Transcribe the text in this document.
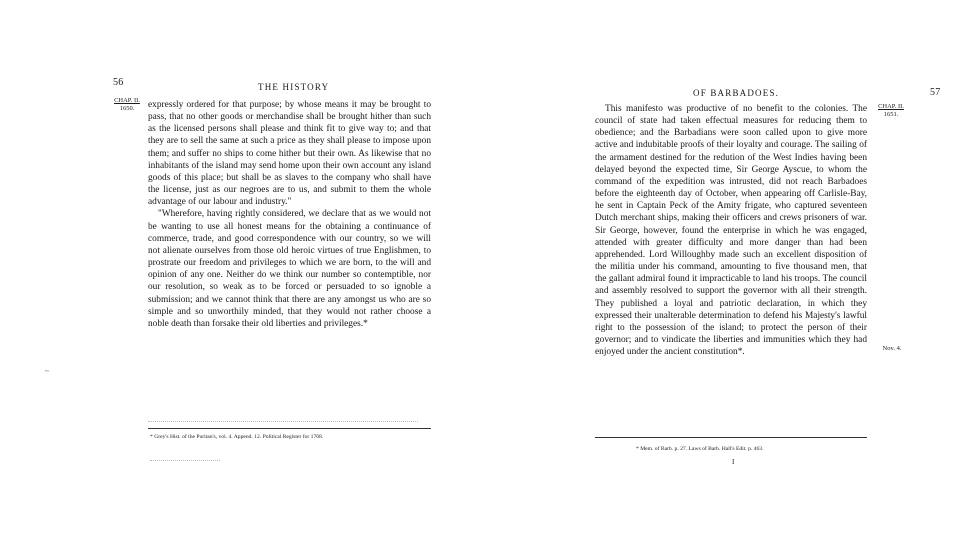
56	THE HISTORY
CHAP. II.
1650.	expressly ordered for that purpose; by whose means it may be brought to pass, that no other goods or merchandise shall be brought hither than such as the licensed persons shall please and think fit to give way to; and that they are to sell the same at such a price as they shall please to impose upon them; and suffer no ships to come hither but their own. As likewise that no inhabitants of the island may send home upon their own account any island goods of this place; but shall be as slaves to the company who shall have the license, just as our negroes are to us, and submit to them the whole advantage of our labour and industry."

"Wherefore, having rightly considered, we declare that as we would not be wanting to use all honest means for the obtaining a continuance of commerce, trade, and good correspondence with our country, so we will not alienate ourselves from those old heroic virtues of true Englishmen, to prostrate our freedom and privileges to which we are born, to the will and opinion of any one. Neither do we think our number so contemptible, nor our resolution, so weak as to be forced or persuaded to so ignoble a submission; and we cannot think that there are any amongst us who are so simple and so unworthily minded, that they would not rather choose a noble death than forsake their old liberties and privileges.*

* Grey's Hist. of the Puritan's, vol. 4. Append. 12. Political Register for 1768.
∼
OF BARBADOES.	57
CHAP. II.
1651.
Nov. 4.

This manifesto was productive of no benefit to the colonies. The council of state had taken effectual measures for reducing them to obedience; and the Barbadians were soon called upon to give more active and indubitable proofs of their loyalty and courage. The sailing of the armament destined for the redution of the West Indies having been delayed beyond the expected time, Sir George Ayscue, to whom the command of the expedition was intrusted, did not reach Barbadoes before the eighteenth day of October, when appearing off Carlisle-Bay, he sent in Captain Peck of the Amity frigate, who captured seventeen Dutch merchant ships, making their officers and crews prisoners of war. Sir George, however, found the enterprise in which he was engaged, attended with greater difficulty and more danger than had been apprehended. Lord Willoughby made such an excellent disposition of the militia under his command, amounting to five thousand men, that the gallant admiral found it impracticable to land his troops. The council and assembly resolved to support the governor with all their strength. They published a loyal and patriotic declaration, in which they expressed their unalterable determination to defend his Majesty's lawful right to the possession of the island; to protect the person of their governor; and to vindicate the liberties and immunities which they had enjoyed under the ancient constitution*.

* Mem. of Barb. p. 27. Laws of Barb. Hall's Edit. p. 463.
I
